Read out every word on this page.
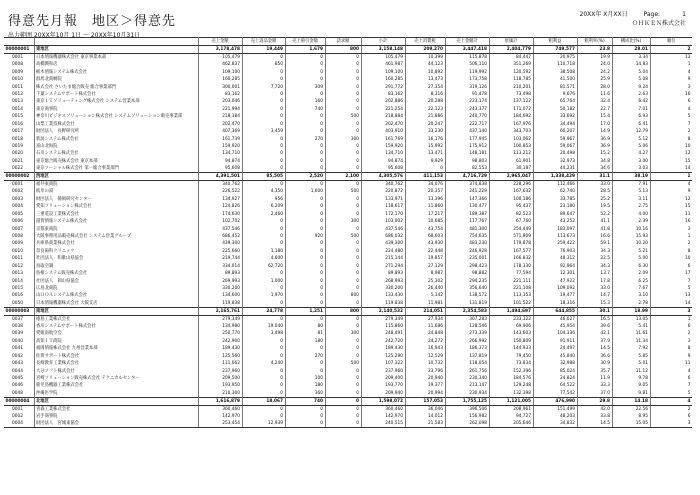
得意先月報　地区＞得意先
出力範囲 20XX年10月 1日 ～ 20XX年10月31日
20XX年 X月XX日	Page:	1
ＯＨＫＥＮ株式会社
		売上金額	売上返品金額	売上値引金額	請求額	小計	売上消費税	売上金額計	原価計	粗利益	粗利率(%)	構成比(%)	順位
00000001	東地区	3,178,478	19,449	1,679	800	3,158,148	209,270	3,447,418	2,404,779	749,577	23.8	28.01	2
0001	日本情報機器株式会社 東京事業本部	105,479	0	0	0	105,479	10,399	115,878	84,447	20,975	19.9	3.34	13
0008	高橋興和店	462,837	850	0	0	461,987	44,123	506,110	351,269	110,718	24.0	14.83	1
0009	栃木情報システム株式会社	109,100	0	0	0	109,100	10,892	119,992	120,592	38,508	24.2	5.04	4
0010	群馬北商網院	160,285	0	0	0	160,285	13,473	173,758	118,785	41,500	25.9	5.08	9
0011	株式会社 さいたま総合販売 総合事業部門	300,001	7,720	309	0	291,772	27,354	319,126	210,201	81,571	28.0	9.24	3
0012	千葉システムサポート株式会社	83,162	0	0	0	83,162	8,316	91,478	73,498	9,676	11.6	2.63	16
0013	東京ＩＴソリューティング株式会社 システム営業本部	203,046	0	160	0	202,886	20,288	223,174	137,122	65,764	32.4	6.42	6
0014	東京商事院	221,994	0	740	0	221,254	22,123	243,377	171,072	50,182	22.7	7.01	4
0015	神奈川ビジネスソリューション株式会社 システムソリューション販売事業部	218,384	0	0	500	218,884	21,886	240,770	184,692	33,692	15.4	6.93	5
0016	山梨工業技株式会社	202,470	0	0	0	202,470	20,247	222,717	167,976	34,494	17.0	6.41	7
0017	財団法人　長野研究所	407,369	3,459	0	0	403,910	33,230	437,140	343,703	60,207	14.9	12.79	2
0018	新潟システム株式会社	161,739	0	270	300	161,769	16,176	177,945	103,062	59,967	36.9	5.12	8
0019	富山北海院	159,920	0	0	0	159,920	15,992	175,912	100,853	59,067	36.9	5.06	10
0020	石川システム株式会社	134,710	0	0	0	134,710	13,471	148,181	113,212	20,498	15.2	4.27	12
0021	東京総合販売株式会社 東京本部	94,874	0	0	0	94,874	9,929	98,803	61,901	32,973	34.8	3.00	15
0022	東京ソーシャル株式会社 第一総合事業部門	95,608	0	0	0	95,608	0	82,553	30,187	44,231	34.6	3.03	14
00000002	西地区	4,391,501	85,505	2,520	2,100	4,305,576	411,153	4,716,729	2,965,047	1,338,429	31.1	38.19	1
0001	福井東商院	340,762	0	0	0	340,762	34,076	374,838	228,296	112,466	33.0	7.91	4
0002	岐阜の湯	226,522	4,350	1,600	500	220,872	20,357	241,229	167,632	62,740	28.5	5.13	9
0003	財団法人　静岡研究センター	134,927	956	0	0	133,971	13,396	147,366	100,186	33,785	25.2	3.11	12
0004	愛知ソリューション株式会社	124,826	6,209	0	0	118,617	11,860	130,477	95,437	23,180	19.5	2.75	15
0005	三重電設工業株式会社	174,630	2,460	0	0	172,170	17,217	189,387	82,523	89,647	52.2	4.00	11
0006	滋賀情報システム株式会社	102,702	0	0	300	103,002	10,685	117,767	67,760	43,252	41.1	2.39	16
0007	京都東商院	437,546	0	0	0	437,546	43,754	481,300	254,449	183,097	41.8	10.16	3
0008	大阪事務用品販売株式会社 システム営業グループ	686,452	0	920	500	686,032	68,603	754,635	571,809	113,673	16.6	15.93	1
0009	兵庫県商業株式会社	439,300	0	0	0	439,300	43,930	483,230	179,878	259,422	59.1	10.20	2
0010	奈良歯科クリニック	225,660	1,180	0	0	224,480	22,448	246,928	167,577	76,903	34.3	5.21	8
0011	社団法人　和歌山県協会	219,744	4,600	0	0	215,144	19,857	235,001	166,832	48,312	22.5	5.00	10
0012	鳥取空調	334,014	62,720	0	0	271,294	27,129	298,423	178,330	92,964	34.3	6.30	6
0013	島根システム販売株式会社	89,893	0	0	0	89,893	8,987	98,882	77,594	12,301	13.7	2.09	17
0014	社団法人　岡山県協会	269,993	1,000	0	0	268,993	25,302	294,235	221,111	47,922	17.8	6.25	7
0015	広島北商院	330,200	0	0	0	330,200	26,440	356,640	221,108	109,092	33.0	7.67	5
0016	山口ＯＡシステム株式会社	134,600	1,970	0	800	133,430	5,142	138,572	113,153	19,477	14.7	3.10	13
0050	日本情報機器株式会社 大阪支店	119,838	0	0	0	119,838	11,981	131,819	101,522	18,316	15.3	2.78	14
00000003	南地区	2,165,761	24,778	1,251	800	2,140,532	214,051	2,354,583	1,494,697	644,855	30.1	18.99	3
0037	徳島工業株式会社	279,349	0	0	0	279,349	27,934	307,283	233,322	46,027	16.5	13.05	1
0038	香川システムサポート株式会社	134,980	19,040	80	0	115,860	11,686	128,546	69,906	45,954	39.6	5.41	6
0039	愛媛南航空会	250,770	3,498	81	300	248,491	24,848	273,339	143,603	104,336	42.1	11.61	2
0040	高知ＩＴ商院	242,900	0	180	0	242,720	24,272	266,992	150,809	91,911	37.9	11.34	3
0041	福岡情報株式会社 九州営業本部	189,430	0	0	0	189,430	16,943	186,373	144,933	24,497	14.5	7.92	8
0042	佐賀サポート株式会社	125,560	0	270	0	125,290	12,529	137,819	79,450	45,840	36.6	5.85	9
0043	長崎教育工業株式会社	111,062	4,240	0	500	107,322	10,732	118,054	73,834	32,988	30.9	5.01	11
0044	大分ソフト株式会社	237,960	0	0	0	237,960	23,796	261,756	152,396	85,024	35.7	11.12	4
0045	宮崎ソリューション販売株式会社 テクニカルセンター	209,500	0	100	0	209,400	20,940	230,340	184,576	24,824	11.9	9.78	6
0046	鹿児島機器工業株式会社	193,950	0	180	0	193,770	19,377	213,147	129,248	64,522	33.3	9.05	7
0048	沖縄医学院	210,300	0	360	0	209,940	20,994	230,934	132,398	77,542	37.0	9.81	5
00000004	北地区	1,616,879	18,067	740	0	1,598,072	157,053	1,755,125	1,121,005	476,990	29.8	14.18	4
0001	青森工業株式会社	360,460	0	0	0	360,460	36,046	396,506	208,961	151,499	42.0	22.56	2
0002	岩手商事院	142,970	0	0	0	142,970	14,012	156,982	94,727	48,203	33.8	8.95	6
0004	財団法人　宮城東協会	253,454	12,939	0	0	240,515	21,583	262,098	205,646	34,832	14.5	15.05	3
